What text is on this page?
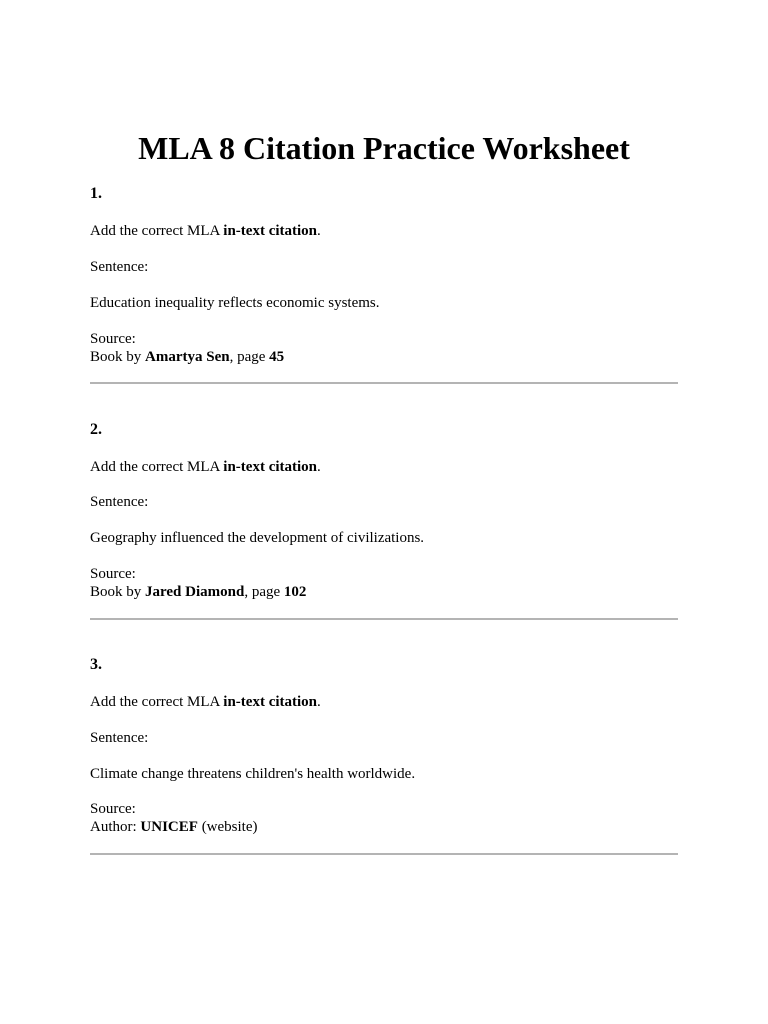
MLA 8 Citation Practice Worksheet

1.

Add the correct MLA in-text citation.

Sentence:

Education inequality reflects economic systems.

Source:

Book by Amartya Sen, page 45

2.

Add the correct MLA in-text citation.

Sentence:

Geography influenced the development of civilizations.

Source:

Book by Jared Diamond, page 102

3.

Add the correct MLA in-text citation.

Sentence:

Climate change threatens children's health worldwide.

Source:

Author: UNICEF (website)
